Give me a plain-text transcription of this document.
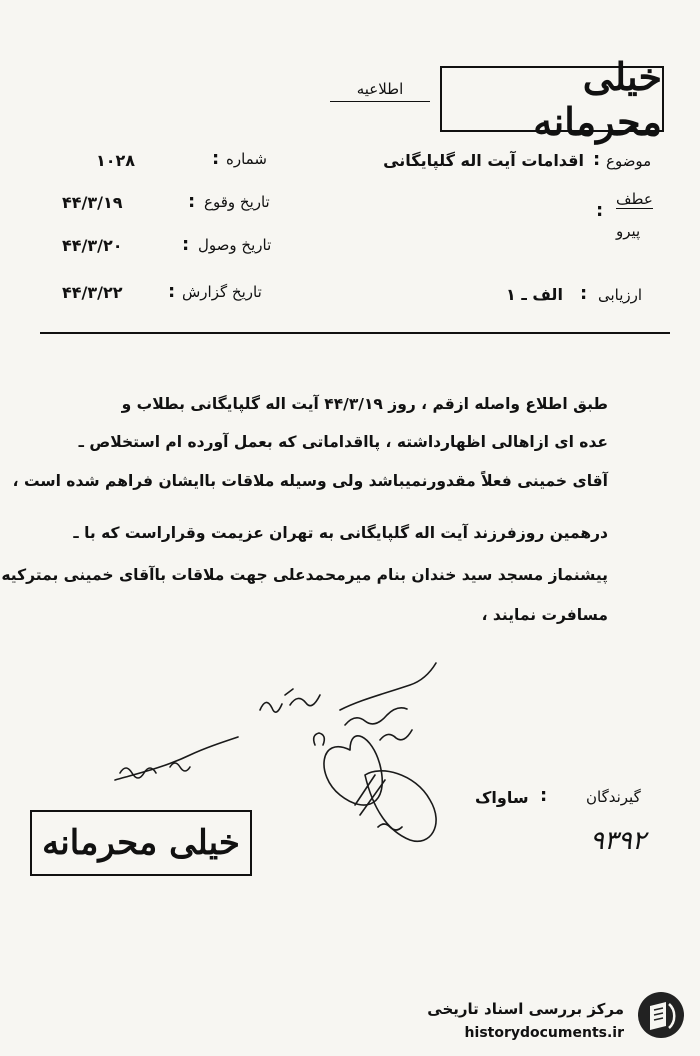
خیلی محرمانه
اطلاعیه
موضوع
:
اقدامات آیت اله گلپایگانی
عطف
:
پیرو
ارزیابی
:
الف ـ ۱
شماره
:
۱۰۲۸
تاریخ وقوع
:
۴۴/۳/۱۹
تاریخ وصول
:
۴۴/۳/۲۰
تاریخ گزارش
:
۴۴/۳/۲۲
طبق اطلاع واصله ازقم ، روز ۴۴/۳/۱۹ آیت اله گلپایگانی بطلاب و
عده ای ازاهالی اظهارداشته ، پااقداماتی که بعمل آورده ام استخلاص ـ
آقای خمینی فعلاً مقدورنمیباشد ولی وسیله ملاقات باایشان فراهم شده است ،
درهمین روزفرزند آیت اله گلپایگانی به تهران عزیمت وقراراست که با ـ
پیشنماز مسجد سید خندان بنام میرمحمدعلی جهت ملاقات باآقای خمینی بمترکیه
مسافرت نمایند ،
گیرندگان
:
ساواک
خیلی محرمانه	۹۳۹۲
مرکز بررسی اسناد تاریخی
historydocuments.ir
